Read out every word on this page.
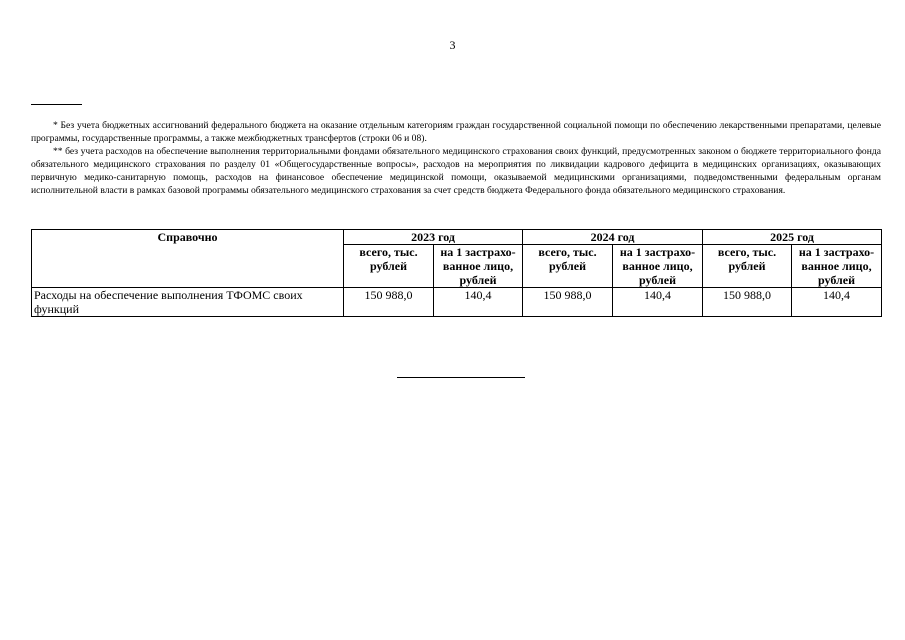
3

* Без учета бюджетных ассигнований федерального бюджета на оказание отдельным категориям граждан государственной социальной помощи по обеспечению лекарственными препаратами, целевые программы, государственные программы, а также межбюджетных трансфертов (строки 06 и 08).

** без учета расходов на обеспечение выполнения территориальными фондами обязательного медицинского страхования своих функций, предусмотренных законом о бюджете территориального фонда обязательного медицинского страхования по разделу 01 «Общегосударственные вопросы», расходов на мероприятия по ликвидации кадрового дефицита в медицинских организациях, оказывающих первичную медико-санитарную помощь, расходов на финансовое обеспечение медицинской помощи, оказываемой медицинскими организациями, подведомственными федеральным органам исполнительной власти в рамках базовой программы обязательного медицинского страхования за счет средств бюджета Федерального фонда обязательного медицинского страхования.

Справочно	2023 год		2024 год		2025 год	
	всего, тыс. рублей	на 1 застрахо-ванное лицо, рублей	всего, тыс. рублей	на 1 застрахо-ванное лицо, рублей	всего, тыс. рублей	на 1 застрахо-ванное лицо, рублей
Расходы на обеспечение выполнения ТФОМС своих функций	150 988,0	140,4	150 988,0	140,4	150 988,0	140,4
